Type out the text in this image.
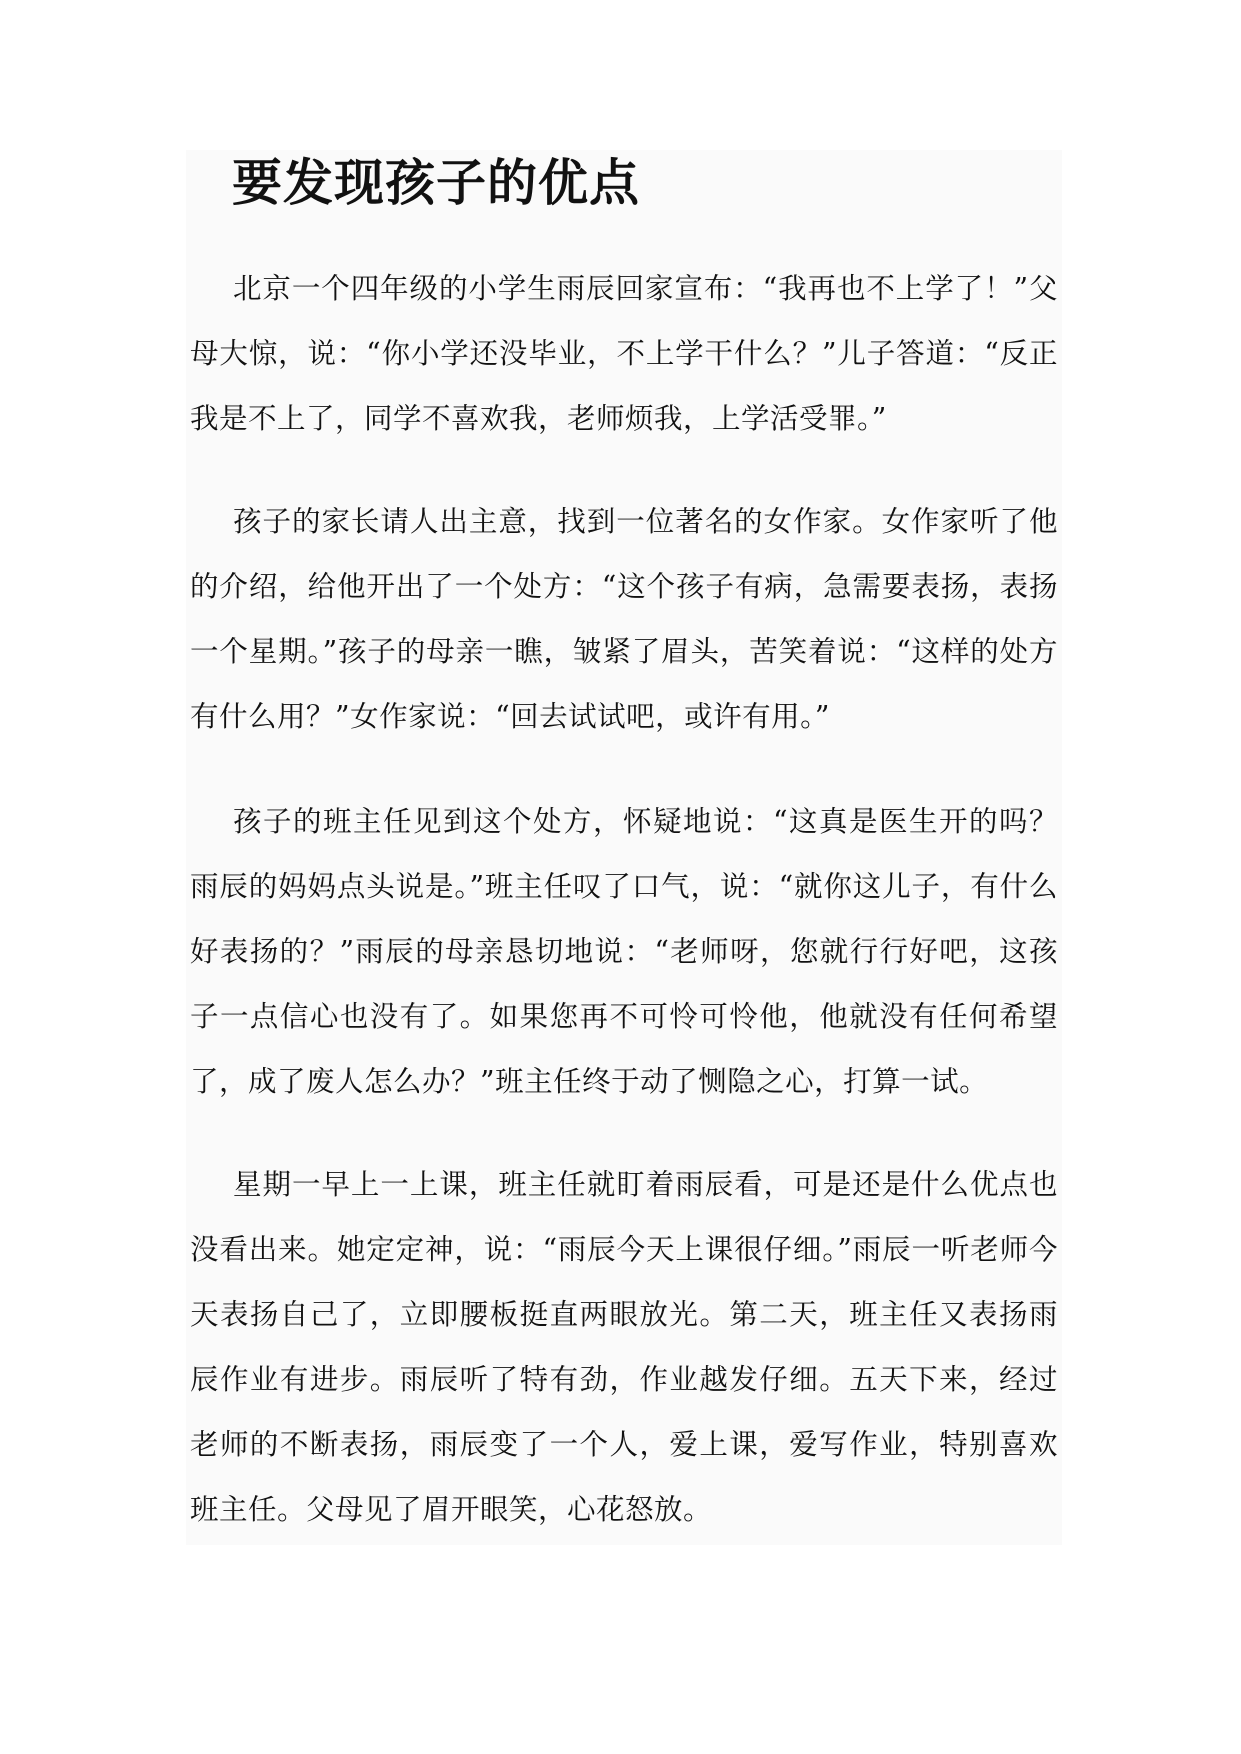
要发现孩子的优点

北京一个四年级的小学生雨辰回家宣布：“我再也不上学了！”父母大惊，说：“你小学还没毕业，不上学干什么？”儿子答道：“反正我是不上了，同学不喜欢我，老师烦我，上学活受罪。”

孩子的家长请人出主意，找到一位著名的女作家。女作家听了他的介绍，给他开出了一个处方：“这个孩子有病，急需要表扬，表扬一个星期。”孩子的母亲一瞧，皱紧了眉头，苦笑着说：“这样的处方有什么用？”女作家说：“回去试试吧，或许有用。”

孩子的班主任见到这个处方，怀疑地说：“这真是医生开的吗？雨辰的妈妈点头说是。”班主任叹了口气，说：“就你这儿子，有什么好表扬的？”雨辰的母亲恳切地说：“老师呀，您就行行好吧，这孩子一点信心也没有了。如果您再不可怜可怜他，他就没有任何希望了，成了废人怎么办？”班主任终于动了恻隐之心，打算一试。

星期一早上一上课，班主任就盯着雨辰看，可是还是什么优点也没看出来。她定定神，说：“雨辰今天上课很仔细。”雨辰一听老师今天表扬自己了，立即腰板挺直两眼放光。第二天，班主任又表扬雨辰作业有进步。雨辰听了特有劲，作业越发仔细。五天下来，经过老师的不断表扬，雨辰变了一个人，爱上课，爱写作业，特别喜欢班主任。父母见了眉开眼笑，心花怒放。
